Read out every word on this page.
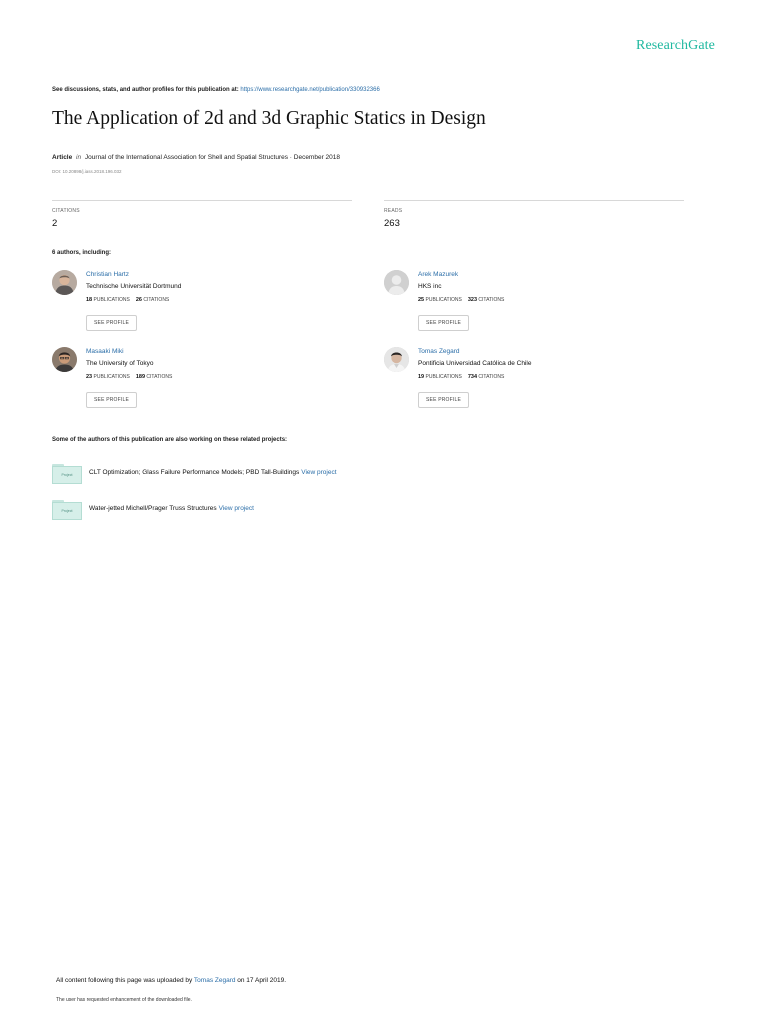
ResearchGate
See discussions, stats, and author profiles for this publication at: https://www.researchgate.net/publication/330932366
The Application of 2d and 3d Graphic Statics in Design
Article in Journal of the International Association for Shell and Spatial Structures · December 2018
DOI: 10.20898/j.iass.2018.196.032
CITATIONS
2
READS
263
6 authors, including:
Christian Hartz
Technische Universität Dortmund
18 PUBLICATIONS 26 CITATIONS
SEE PROFILE
Arek Mazurek
HKS inc
25 PUBLICATIONS 323 CITATIONS
SEE PROFILE
Masaaki Miki
The University of Tokyo
23 PUBLICATIONS 189 CITATIONS
SEE PROFILE
Tomas Zegard
Pontificia Universidad Católica de Chile
19 PUBLICATIONS 734 CITATIONS
SEE PROFILE
Some of the authors of this publication are also working on these related projects:
Project	CLT Optimization; Glass Failure Performance Models; PBD Tall-Buildings View project
Project	Water-jetted Michell/Prager Truss Structures View project
All content following this page was uploaded by Tomas Zegard on 17 April 2019.
The user has requested enhancement of the downloaded file.
